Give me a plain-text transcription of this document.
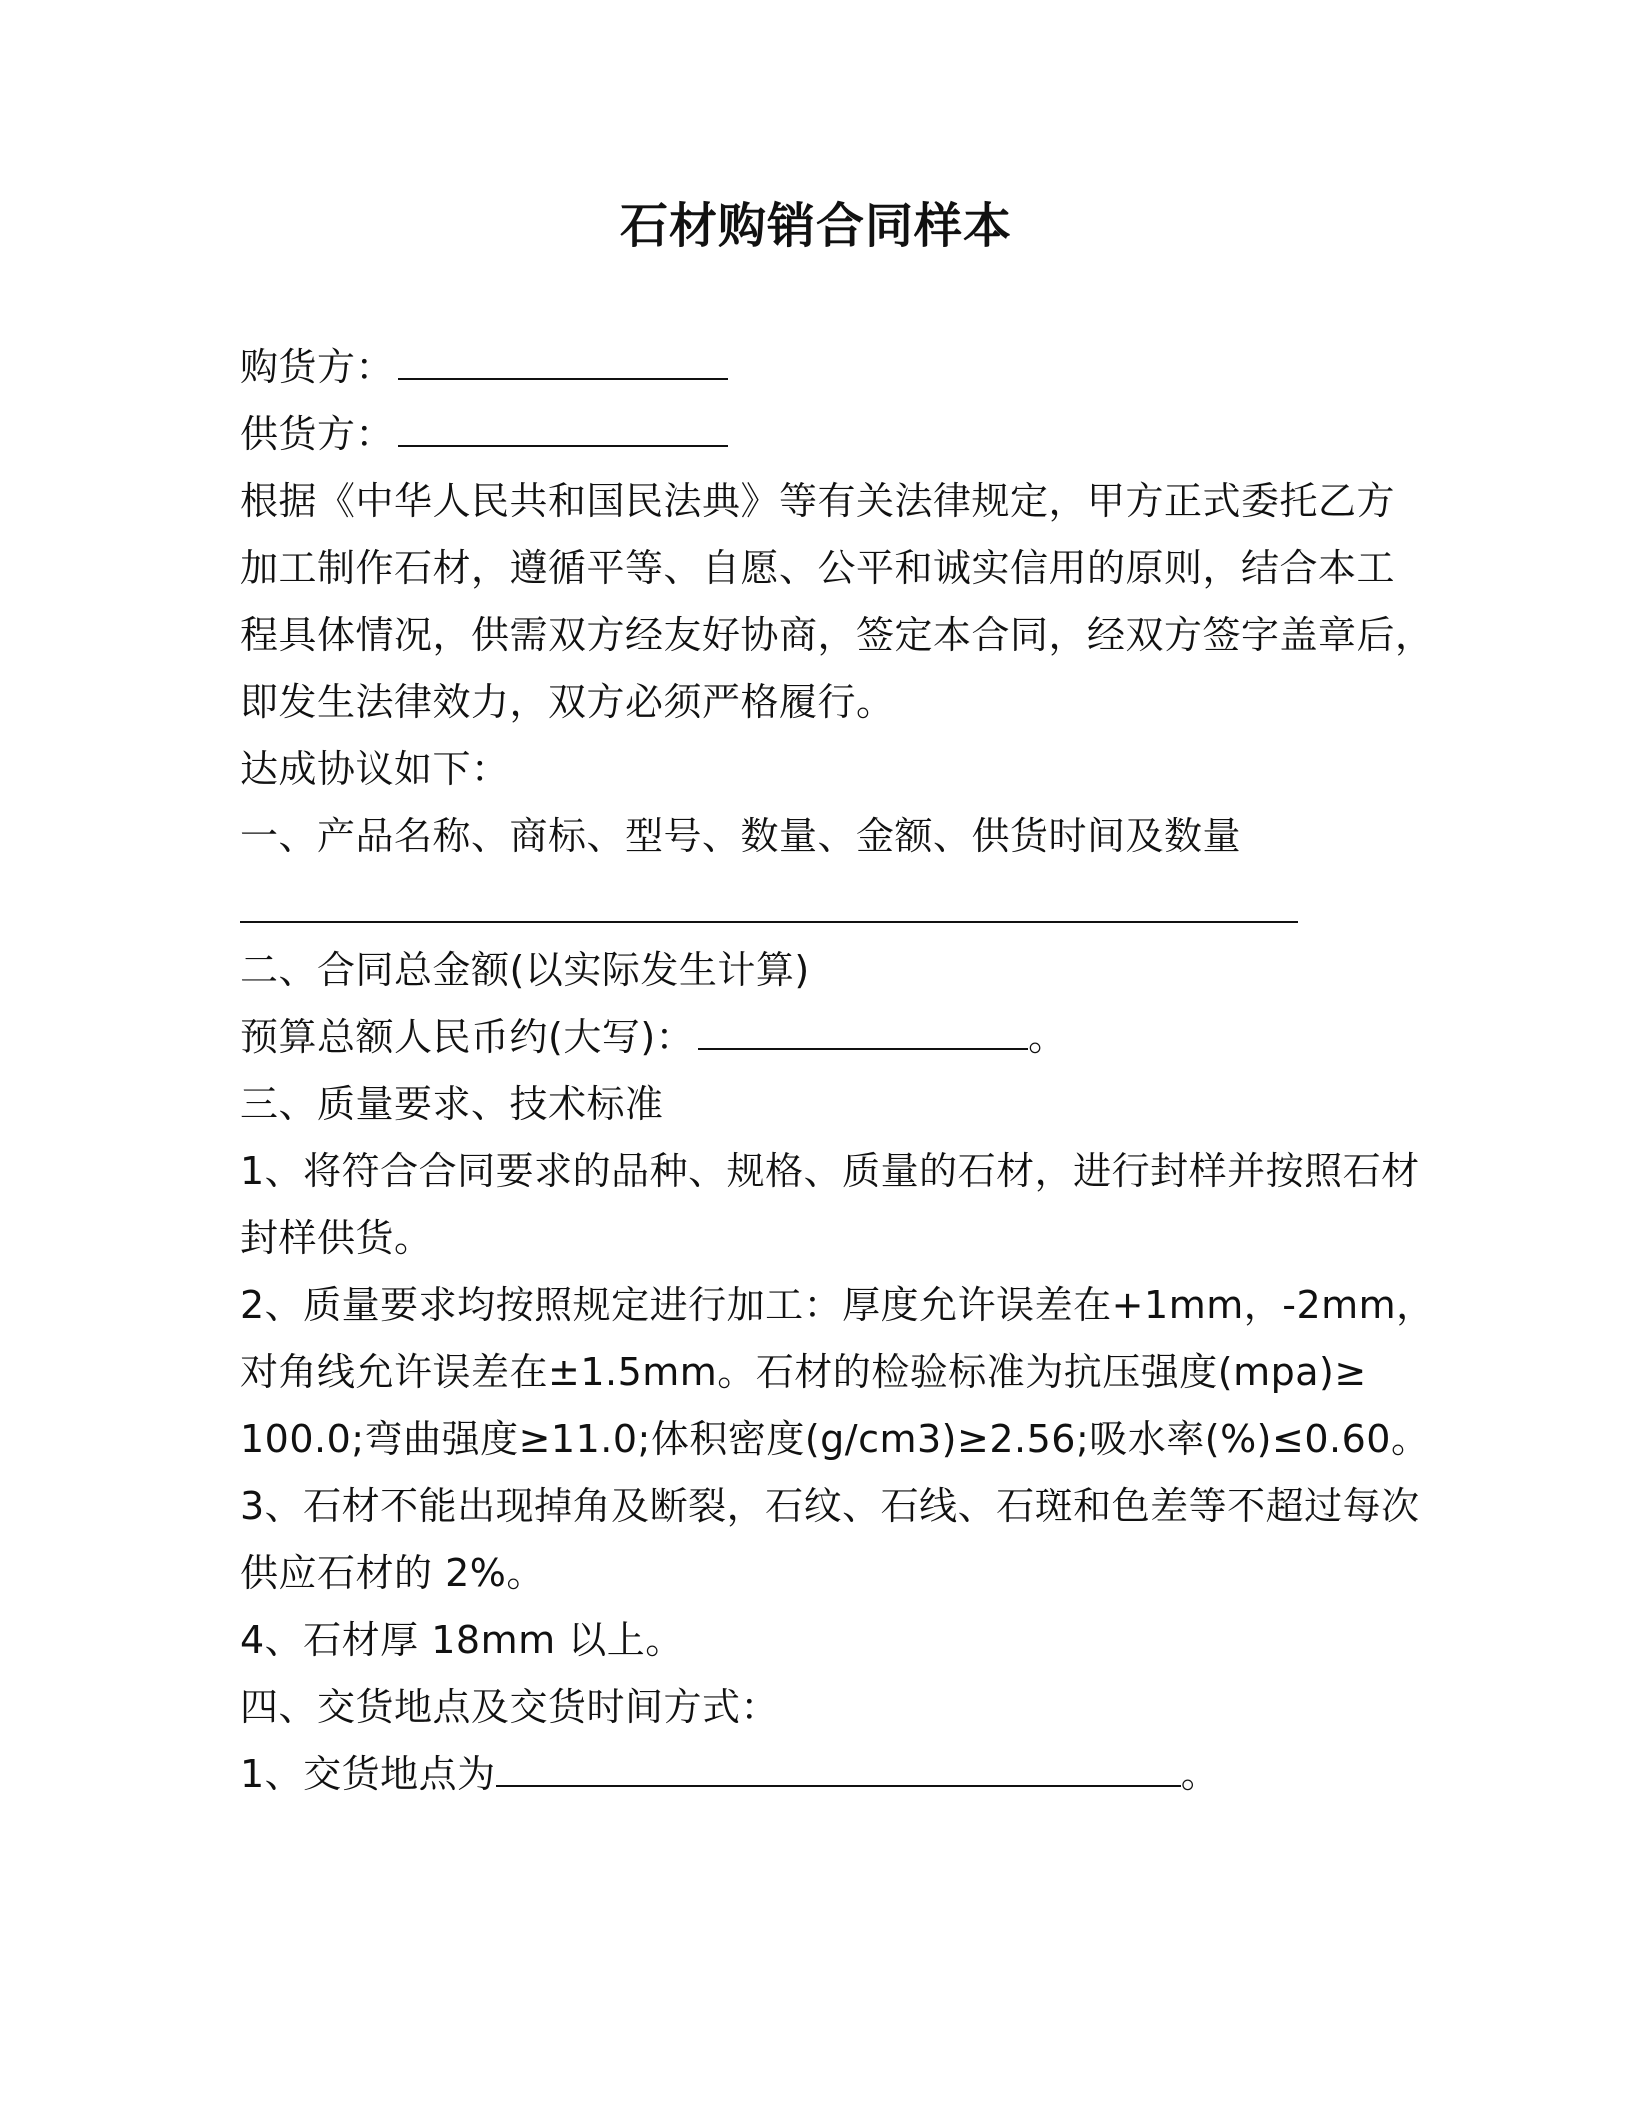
石材购销合同样本
购货方：
供货方：
根据《中华人民共和国民法典》等有关法律规定，甲方正式委托乙方
加工制作石材，遵循平等、自愿、公平和诚实信用的原则，结合本工
程具体情况，供需双方经友好协商，签定本合同，经双方签字盖章后，
即发生法律效力，双方必须严格履行。
达成协议如下：
一、产品名称、商标、型号、数量、金额、供货时间及数量
二、合同总金额(以实际发生计算)
预算总额人民币约(大写)：	。
三、质量要求、技术标准
1、将符合合同要求的品种、规格、质量的石材，进行封样并按照石材
封样供货。
2、质量要求均按照规定进行加工：厚度允许误差在+1mm，-2mm，
对角线允许误差在±1.5mm。石材的检验标准为抗压强度(mpa)≥
100.0;弯曲强度≥11.0;体积密度(g/cm3)≥2.56;吸水率(%)≤0.60。
3、石材不能出现掉角及断裂，石纹、石线、石斑和色差等不超过每次
供应石材的 2%。
4、石材厚 18mm 以上。
四、交货地点及交货时间方式：
1、交货地点为	。
